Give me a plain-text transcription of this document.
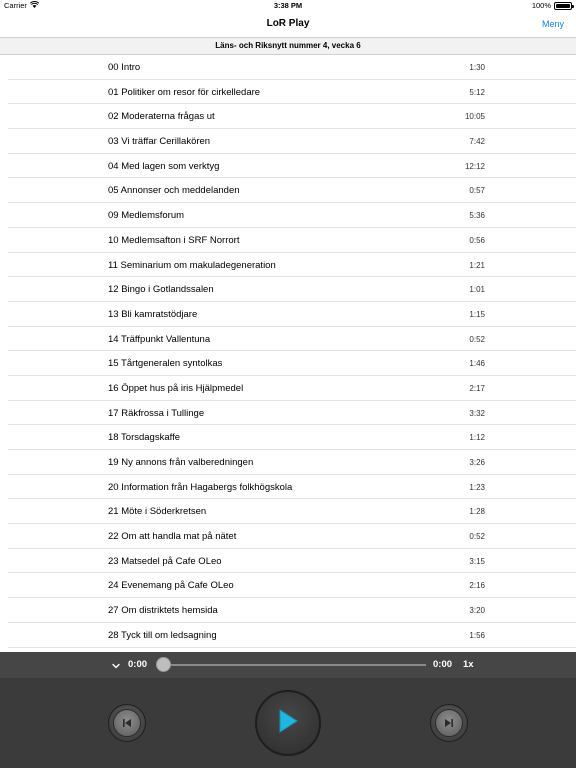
Carrier	3:38 PM	100%
LoR Play	Meny
Läns- och Riksnytt nummer 4, vecka 6
00 Intro	1:30
01 Politiker om resor för cirkelledare	5:12
02 Moderaterna frågas ut	10:05
03 Vi träffar Cerillakören	7:42
04 Med lagen som verktyg	12:12
05 Annonser och meddelanden	0:57
09 Medlemsforum	5:36
10 Medlemsafton i SRF Norrort	0:56
11 Seminarium om makuladegeneration	1:21
12 Bingo i Gotlandssalen	1:01
13 Bli kamratstödjare	1:15
14 Träffpunkt Vallentuna	0:52
15 Tårtgeneralen syntolkas	1:46
16 Öppet hus på iris Hjälpmedel	2:17
17 Räkfrossa i Tullinge	3:32
18 Torsdagskaffe	1:12
19 Ny annons från valberedningen	3:26
20 Information från Hagabergs folkhögskola	1:23
21 Möte i Söderkretsen	1:28
22 Om att handla mat på nätet	0:52
23 Matsedel på Cafe OLeo	3:15
24 Evenemang på Cafe OLeo	2:16
27 Om distriktets hemsida	3:20
28 Tyck till om ledsagning	1:56
0:00	0:00 1x
